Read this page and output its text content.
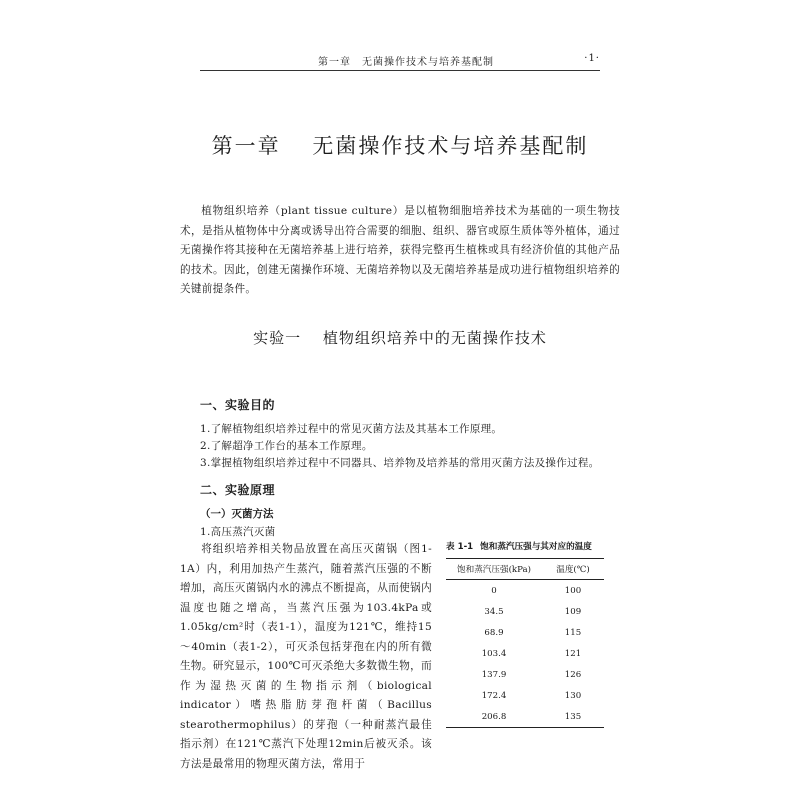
第一章　无菌操作技术与培养基配制	·1·
第一章　 无菌操作技术与培养基配制

植物组织培养（plant tissue culture）是以植物细胞培养技术为基础的一项生物技术，是指从植物体中分离或诱导出符合需要的细胞、组织、器官或原生质体等外植体，通过无菌操作将其接种在无菌培养基上进行培养，获得完整再生植株或具有经济价值的其他产品的技术。因此，创建无菌操作环境、无菌培养物以及无菌培养基是成功进行植物组织培养的关键前提条件。

实验一　 植物组织培养中的无菌操作技术
一、实验目的
1.了解植物组织培养过程中的常见灭菌方法及其基本工作原理。
2.了解超净工作台的基本工作原理。
3.掌握植物组织培养过程中不同器具、培养物及培养基的常用灭菌方法及操作过程。
二、实验原理
（一）灭菌方法
1.高压蒸汽灭菌

将组织培养相关物品放置在高压灭菌锅（图1-1A）内，利用加热产生蒸汽，随着蒸汽压强的不断增加，高压灭菌锅内水的沸点不断提高，从而使锅内温度也随之增高，当蒸汽压强为103.4kPa或1.05kg/cm²时（表1-1），温度为121℃，维持15～40min（表1-2），可灭杀包括芽孢在内的所有微生物。研究显示，100℃可灭杀绝大多数微生物，而作为湿热灭菌的生物指示剂（biological indicator）嗜热脂肪芽孢杆菌（Bacillus stearothermophilus）的芽孢（一种耐蒸汽最佳指示剂）在121℃蒸汽下处理12min后被灭杀。该方法是最常用的物理灭菌方法，常用于

表 1-1 饱和蒸汽压强与其对应的温度
饱和蒸汽压强(kPa)	温度(℃)
0	100
34.5	109
68.9	115
103.4	121
137.9	126
172.4	130
206.8	135
